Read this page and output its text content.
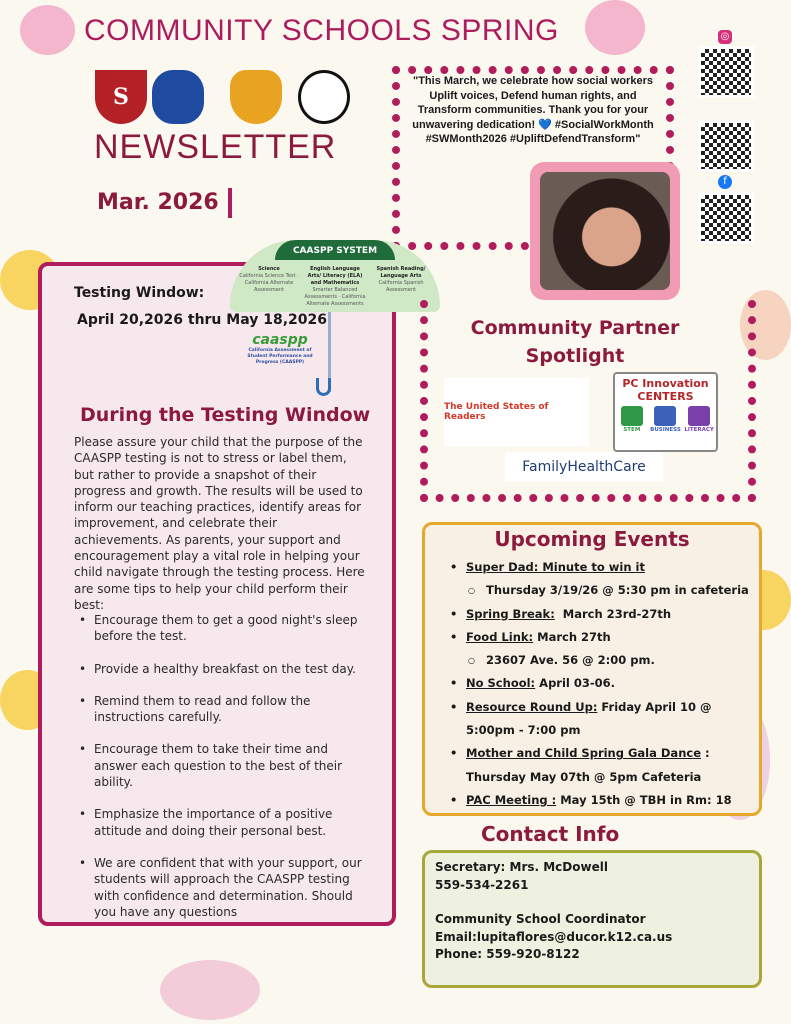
COMMUNITY SCHOOLS SPRING
S
NEWSLETTER
Mar. 2026
"This March, we celebrate how social workers Uplift voices, Defend human rights, and Transform communities. Thank you for your unwavering dedication! 💙 #SocialWorkMonth #SWMonth2026 #UpliftDefendTransform"
◎
f
Testing Window:
April 20,2026 thru May 18,2026
CAASPP SYSTEM
Science
California Science Test · California Alternate Assessment
English Language Arts/ Literacy (ELA) and Mathematics
Smarter Balanced Assessments · California Alternate Assessments
Spanish Reading/ Language Arts
California Spanish Assessment
caaspp
California Assessment of Student Performance and Progress (CAASPP)
During the Testing Window
Please assure your child that the purpose of the CAASPP testing is not to stress or label them, but rather to provide a snapshot of their progress and growth. The results will be used to inform our teaching practices, identify areas for improvement, and celebrate their achievements. As parents, your support and encouragement play a vital role in helping your child navigate through the testing process. Here are some tips to help your child perform their best:
• Encourage them to get a good night's sleep before the test.
• Provide a healthy breakfast on the test day.
• Remind them to read and follow the instructions carefully.
• Encourage them to take their time and answer each question to the best of their ability.
• Emphasize the importance of a positive attitude and doing their personal best.
• We are confident that with your support, our students will approach the CAASPP testing with confidence and determination. Should you have any questions
Community Partner Spotlight
The United States of Readers
PC Innovation CENTERS
STEM BUSINESS LITERACY
FamilyHealthCare
Upcoming Events
• Super Dad: Minute to win it
○ Thursday 3/19/26 @ 5:30 pm in cafeteria
• Spring Break:  March 23rd-27th
• Food Link: March 27th
○ 23607 Ave. 56 @ 2:00 pm.
• No School: April 03-06.
• Resource Round Up: Friday April 10 @ 5:00pm - 7:00 pm
• Mother and Child Spring Gala Dance : Thursday May 07th @ 5pm Cafeteria
• PAC Meeting : May 15th @ TBH in Rm: 18
Contact Info
Secretary: Mrs. McDowell
559-534-2261
Community School Coordinator
Email:lupitaflores@ducor.k12.ca.us
Phone: 559-920-8122
